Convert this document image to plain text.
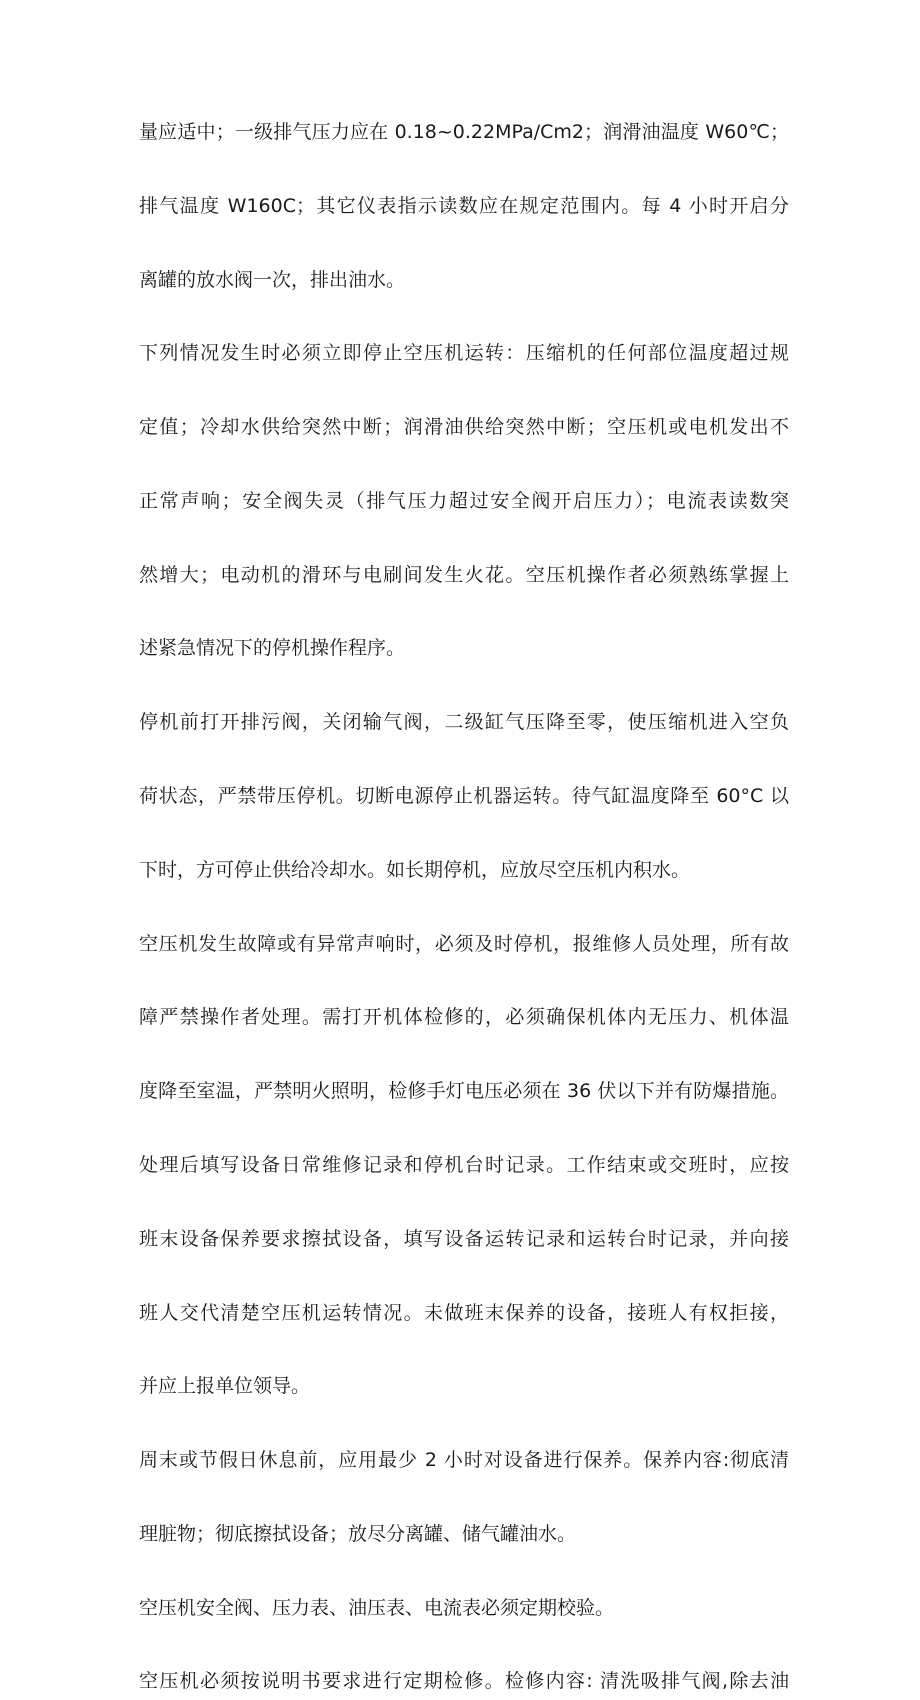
量应适中；一级排气压力应在 0.18~0.22MPa/Cm2；润滑油温度 W60℃；
排气温度 W160C；其它仪表指示读数应在规定范围内。每 4 小时开启分
离罐的放水阀一次，排出油水。
下列情况发生时必须立即停止空压机运转：压缩机的任何部位温度超过规
定值；冷却水供给突然中断；润滑油供给突然中断；空压机或电机发出不
正常声响；安全阀失灵（排气压力超过安全阀开启压力）；电流表读数突
然增大；电动机的滑环与电刷间发生火花。空压机操作者必须熟练掌握上
述紧急情况下的停机操作程序。
停机前打开排污阀，关闭输气阀，二级缸气压降至零，使压缩机进入空负
荷状态，严禁带压停机。切断电源停止机器运转。待气缸温度降至 60°C 以
下时，方可停止供给冷却水。如长期停机，应放尽空压机内积水。
空压机发生故障或有异常声响时，必须及时停机，报维修人员处理，所有故
障严禁操作者处理。需打开机体检修的，必须确保机体内无压力、机体温
度降至室温，严禁明火照明，检修手灯电压必须在 36 伏以下并有防爆措施。
处理后填写设备日常维修记录和停机台时记录。工作结束或交班时，应按
班末设备保养要求擦拭设备，填写设备运转记录和运转台时记录，并向接
班人交代清楚空压机运转情况。未做班末保养的设备，接班人有权拒接，
并应上报单位领导。
周末或节假日休息前，应用最少 2 小时对设备进行保养。保养内容:彻底清
理脏物；彻底擦拭设备；放尽分离罐、储气罐油水。
空压机安全阀、压力表、油压表、电流表必须定期校验。
空压机必须按说明书要求进行定期检修。检修内容: 清洗吸排气阀,除去油
